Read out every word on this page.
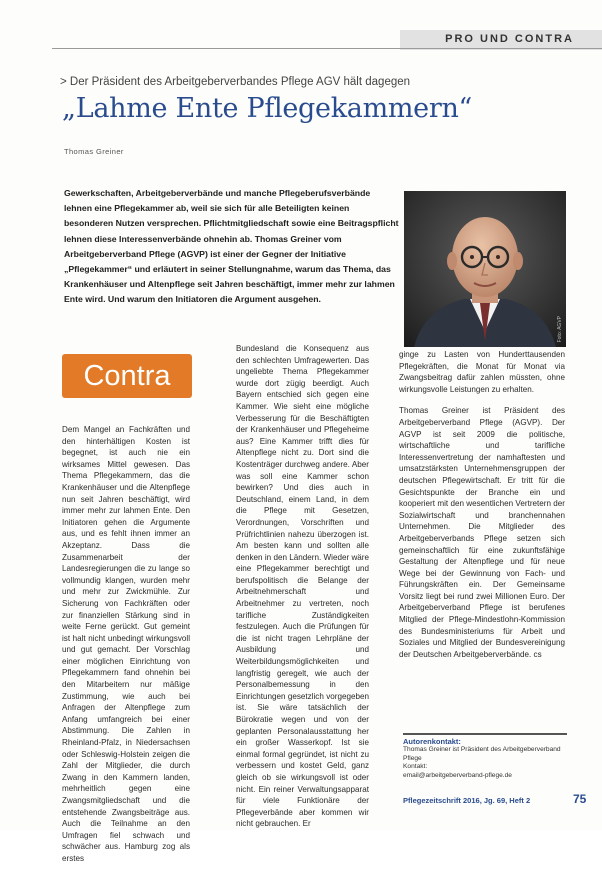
PRO UND CONTRA
> Der Präsident des Arbeitgeberverbandes Pflege AGV hält dagegen
„Lahme Ente Pflegekammern“
Thomas Greiner
Gewerkschaften, Arbeitgeberverbände und manche Pflegeberufsverbände lehnen eine Pflegekammer ab, weil sie sich für alle Beteiligten keinen besonderen Nutzen versprechen. Pflichtmitgliedschaft sowie eine Beitragspflicht lehnen diese Interessenverbände ohnehin ab. Thomas Greiner vom Arbeitgeberverband Pflege (AGVP) ist einer der Gegner der Initiative „Pflegekammer“ und erläutert in seiner Stellungnahme, warum das Thema, das Krankenhäuser und Altenpflege seit Jahren beschäftigt, immer mehr zur lahmen Ente wird. Und warum den Initiatoren die Argument ausgehen.
Foto: AGVP
Contra

Dem Mangel an Fachkräften und den hinterhältigen Kosten ist begegnet, ist auch nie ein wirksames Mittel gewesen. Das Thema Pflegekammern, das die Krankenhäuser und die Altenpflege nun seit Jahren beschäftigt, wird immer mehr zur lahmen Ente. Den Initiatoren gehen die Argumente aus, und es fehlt ihnen immer an Akzeptanz. Dass die Zusammenarbeit der Landesregierungen die zu lange so vollmundig klangen, wurden mehr und mehr zur Zwickmühle. Zur Sicherung von Fachkräften oder zur finanziellen Stärkung sind in weite Ferne gerückt. Gut gemeint ist halt nicht unbedingt wirkungsvoll und gut gemacht. Der Vorschlag einer möglichen Einrichtung von Pflegekammern fand ohnehin bei den Mitarbeitern nur mäßige Zustimmung, wie auch bei Anfragen der Altenpflege zum Anfang umfangreich bei einer Abstimmung. Die Zahlen in Rheinland-Pfalz, in Niedersachsen oder Schleswig-Holstein zeigen die Zahl der Mitglieder, die durch Zwang in den Kammern landen, mehrheitlich gegen eine Zwangsmitgliedschaft und die entstehende Zwangsbeiträge aus. Auch die Teilnahme an den Umfragen fiel schwach und schwächer aus. Hamburg zog als erstes

Bundesland die Konsequenz aus den schlechten Umfragewerten. Das ungeliebte Thema Pflegekammer wurde dort zügig beerdigt. Auch Bayern entschied sich gegen eine Kammer. Wie sieht eine mögliche Verbesserung für die Beschäftigten der Krankenhäuser und Pflegeheime aus? Eine Kammer trifft dies für Altenpflege nicht zu. Dort sind die Kostenträger durchweg andere. Aber was soll eine Kammer schon bewirken? Und dies auch in Deutschland, einem Land, in dem die Pflege mit Gesetzen, Verordnungen, Vorschriften und Prüfrichtlinien nahezu überzogen ist. Am besten kann und sollten alle denken in den Ländern. Wieder wäre eine Pflegekammer berechtigt und berufspolitisch die Belange der Arbeitnehmerschaft und Arbeitnehmer zu vertreten, noch tarifliche Zuständigkeiten festzulegen. Auch die Prüfungen für die ist nicht tragen Lehrpläne der Ausbildung und Weiterbildungsmöglichkeiten und langfristig geregelt, wie auch der Personalbemessung in den Einrichtungen gesetzlich vorgegeben ist. Sie wäre tatsächlich der Bürokratie wegen und von der geplanten Personalausstattung her ein großer Wasserkopf. Ist sie einmal formal gegründet, ist nicht zu verbessern und kostet Geld, ganz gleich ob sie wirkungsvoll ist oder nicht. Ein reiner Verwaltungsapparat für viele Funktionäre der Pflegeverbände aber kommen wir nicht gebrauchen. Er

ginge zu Lasten von Hunderttausenden Pflegekräften, die Monat für Monat via Zwangsbeitrag dafür zahlen müssten, ohne wirkungsvolle Leistungen zu erhalten.

Thomas Greiner ist Präsident des Arbeitgeberverband Pflege (AGVP). Der AGVP ist seit 2009 die politische, wirtschaftliche und tarifliche Interessenvertretung der namhaftesten und umsatzstärksten Unternehmensgruppen der deutschen Pflegewirtschaft. Er tritt für die Gesichtspunkte der Branche ein und kooperiert mit den wesentlichen Vertretern der Sozialwirtschaft und branchennahen Unternehmen. Die Mitglieder des Arbeitgeberverbands Pflege setzen sich gemeinschaftlich für eine zukunftsfähige Gestaltung der Altenpflege und für neue Wege bei der Gewinnung von Fach- und Führungskräften ein. Der Gemeinsame Vorsitz liegt bei rund zwei Millionen Euro. Der Arbeitgeberverband Pflege ist berufenes Mitglied der Pflege-Mindestlohn-Kommission des Bundesministeriums für Arbeit und Soziales und Mitglied der Bundesvereinigung der Deutschen Arbeitgeberverbände. cs

Autorenkontakt:
Thomas Greiner ist Präsident des Arbeitgeberverband Pflege
Kontakt:
email@arbeitgeberverband-pflege.de
Pflegezeitschrift 2016, Jg. 69, Heft 2	75
